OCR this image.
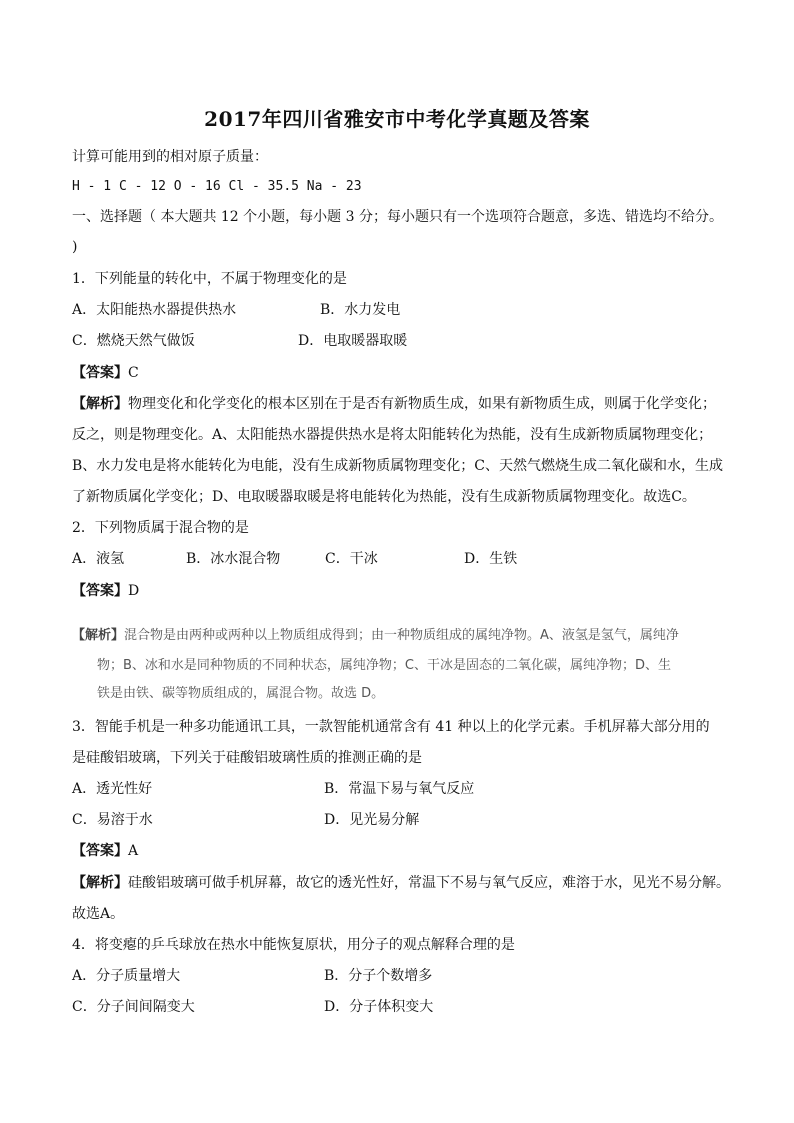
2017年四川省雅安市中考化学真题及答案
计算可能用到的相对原子质量：
H - 1 C - 12 O - 16 Cl - 35.5 Na - 23
一、选择题（ 本大题共 12 个小题，每小题 3 分；每小题只有一个选项符合题意，多选、错选均不给分。
)
1．下列能量的转化中，不属于物理变化的是
A．太阳能热水器提供热水	B．水力发电
C．燃烧天然气做饭	D．电取暖器取暖
【答案】C
【解析】物理变化和化学变化的根本区别在于是否有新物质生成，如果有新物质生成，则属于化学变化；
反之，则是物理变化。A、太阳能热水器提供热水是将太阳能转化为热能，没有生成新物质属物理变化；
B、水力发电是将水能转化为电能，没有生成新物质属物理变化；C、天然气燃烧生成二氧化碳和水，生成
了新物质属化学变化；D、电取暖器取暖是将电能转化为热能，没有生成新物质属物理变化。故选C。
2．下列物质属于混合物的是
A．液氢	B．冰水混合物	C．干冰	D．生铁
【答案】D
【解析】混合物是由两种或两种以上物质组成得到；由一种物质组成的属纯净物。A、液氢是氢气，属纯净
物；B、冰和水是同种物质的不同种状态，属纯净物；C、干冰是固态的二氧化碳，属纯净物；D、生
铁是由铁、碳等物质组成的，属混合物。故选 D。
3．智能手机是一种多功能通讯工具，一款智能机通常含有 41 种以上的化学元素。手机屏幕大部分用的
是硅酸铝玻璃，下列关于硅酸铝玻璃性质的推测正确的是
A．透光性好	B．常温下易与氧气反应
C．易溶于水	D．见光易分解
【答案】A
【解析】硅酸铝玻璃可做手机屏幕，故它的透光性好，常温下不易与氧气反应，难溶于水，见光不易分解。
故选A。
4．将变瘪的乒乓球放在热水中能恢复原状，用分子的观点解释合理的是
A．分子质量增大	B．分子个数增多
C．分子间间隔变大	D．分子体积变大
